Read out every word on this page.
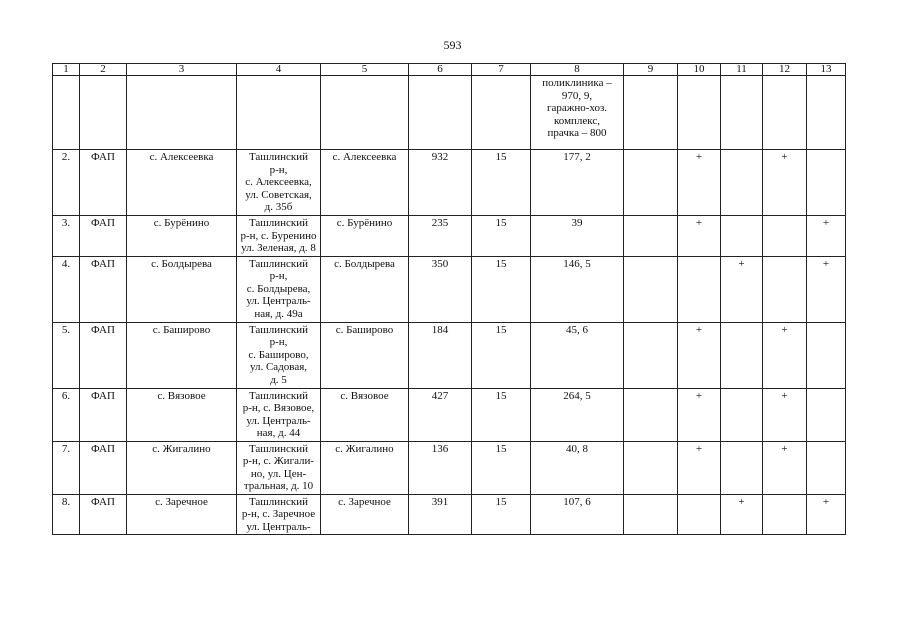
593
1	2	3	4	5	6	7	8	9	10	11	12	13
							поликлиника –
970, 9,
гаражно-хоз.
комплекс,
прачка – 800					
2.	ФАП	с. Алексеевка	Ташлинский
р-н,
с. Алексеевка,
ул. Советская,
д. 35б	с. Алексеевка	932	15	177, 2		+		+	
3.	ФАП	с. Бурёнино	Ташлинский
р-н, с. Буренино
ул. Зеленая, д. 8	с. Бурёнино	235	15	39		+			+
4.	ФАП	с. Болдырева	Ташлинский
р-н,
с. Болдырева,
ул. Централь-
ная, д. 49а	с. Болдырева	350	15	146, 5			+		+
5.	ФАП	с. Баширово	Ташлинский
р-н,
с. Баширово,
ул. Садовая,
д. 5	с. Баширово	184	15	45, 6		+		+	
6.	ФАП	с. Вязовое	Ташлинский
р-н, с. Вязовое,
ул. Централь-
ная, д. 44	с. Вязовое	427	15	264, 5		+		+	
7.	ФАП	с. Жигалино	Ташлинский
р-н, с. Жигали-
но, ул. Цен-
тральная, д. 10	с. Жигалино	136	15	40, 8		+		+	
8.	ФАП	с. Заречное	Ташлинский
р-н, с. Заречное
ул. Централь-	с. Заречное	391	15	107, 6			+		+
